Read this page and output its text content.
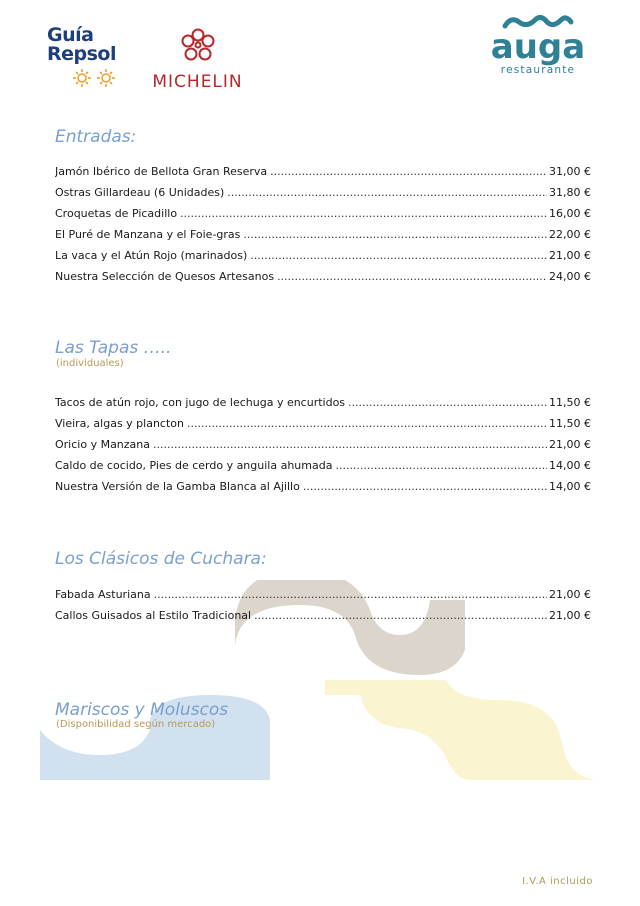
Guía
Repsol
MICHELIN
auga
restaurante
Entradas:
Jamón Ibérico de Bellota Gran Reserva .....	31,00 €
Ostras Gillardeau (6 Unidades) .....	31,80 €
Croquetas de Picadillo .....	16,00 €
El Puré de Manzana y el Foie-gras .....	22,00 €
La vaca y el Atún Rojo (marinados) .....	21,00 €
Nuestra Selección de Quesos Artesanos .....	24,00 €
Las Tapas …..
(individuales)
Tacos de atún rojo, con jugo de lechuga y encurtidos .....	11,50 €
Vieira, algas y plancton .....	11,50 €
Oricio y Manzana .....	21,00 €
Caldo de cocido, Pies de cerdo y anguila ahumada .....	14,00 €
Nuestra Versión de la Gamba Blanca al Ajillo .....	14,00 €
Los Clásicos de Cuchara:
Fabada Asturiana .....	21,00 €
Callos Guisados al Estilo Tradicional .....	21,00 €
Mariscos y Moluscos
(Disponibilidad según mercado)
I.V.A incluido
